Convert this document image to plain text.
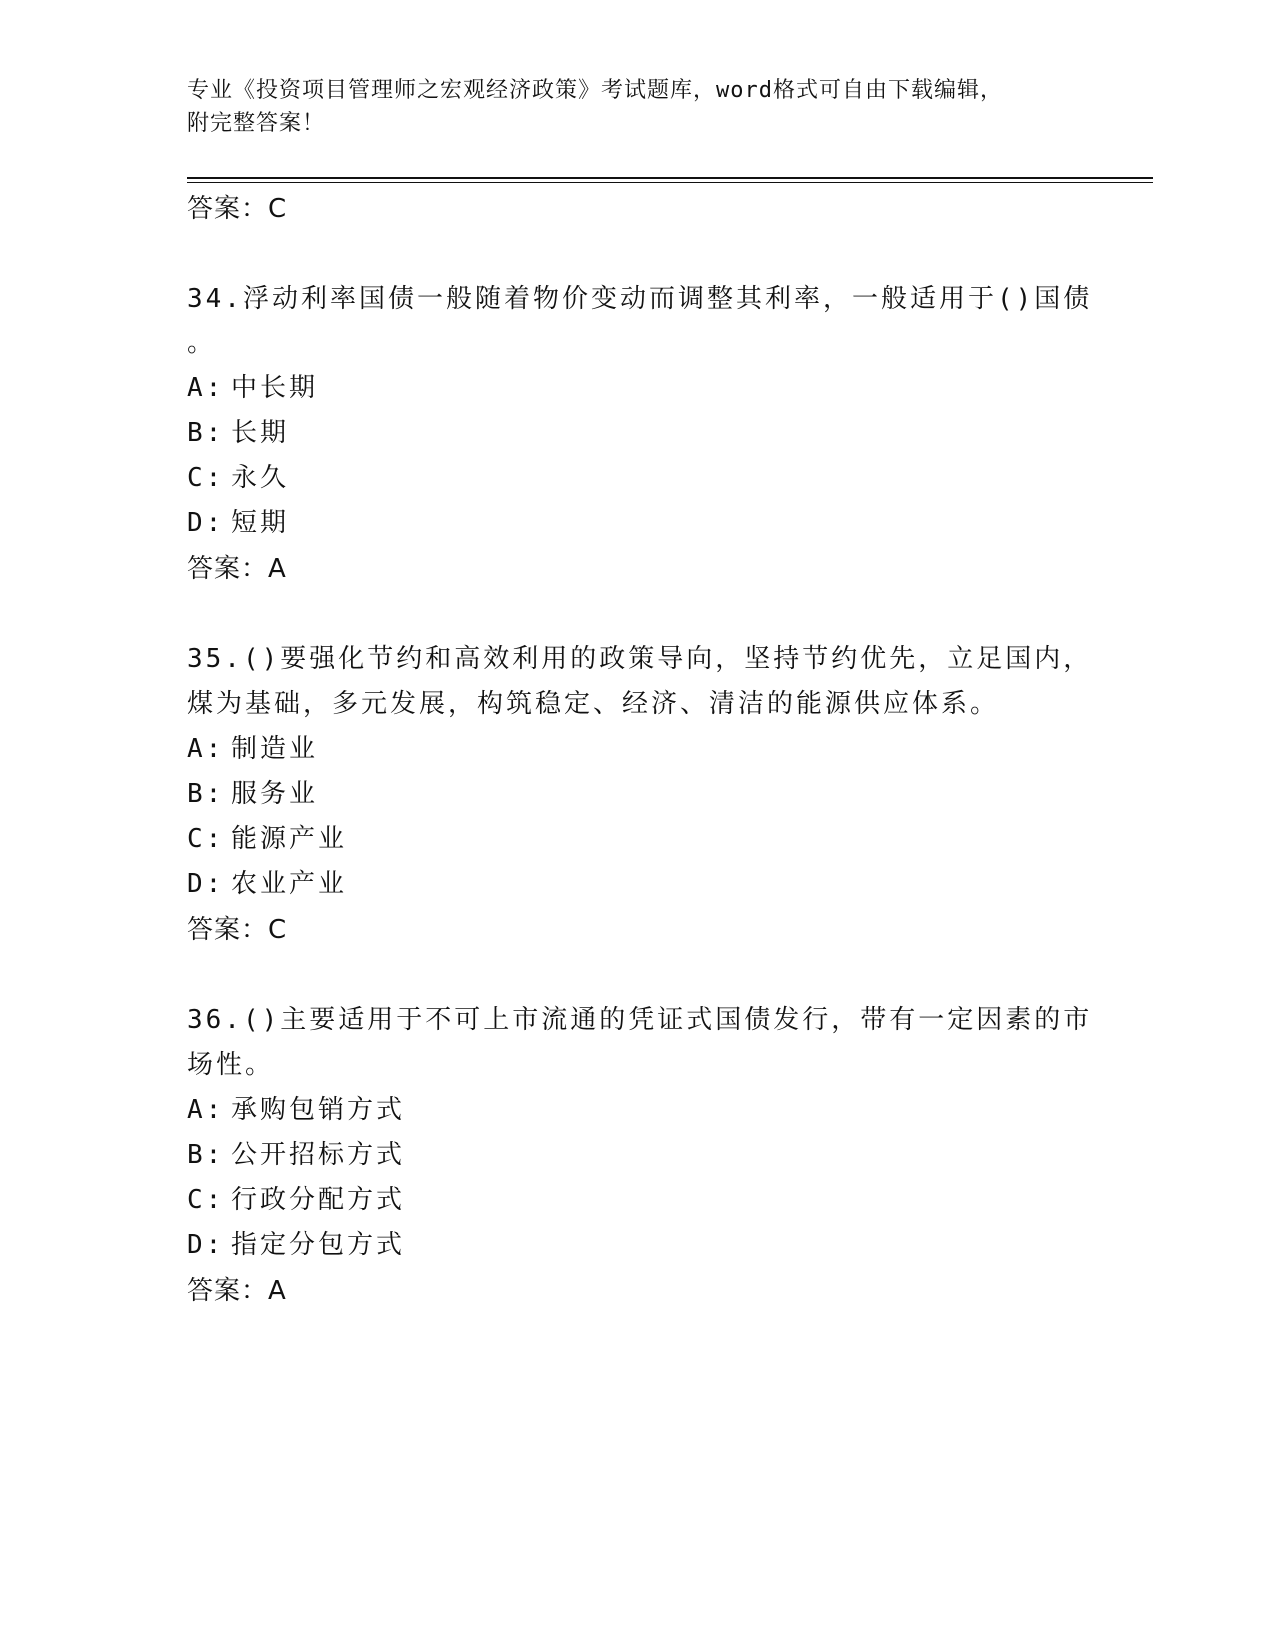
专业《投资项目管理师之宏观经济政策》考试题库，word格式可自由下载编辑，
附完整答案！
答案：C
34.浮动利率国债一般随着物价变动而调整其利率，一般适用于()国债
。
A: 中长期
B: 长期
C: 永久
D: 短期
答案：A
35.()要强化节约和高效利用的政策导向，坚持节约优先，立足国内，
煤为基础，多元发展，构筑稳定、经济、清洁的能源供应体系。
A: 制造业
B: 服务业
C: 能源产业
D: 农业产业
答案：C
36.()主要适用于不可上市流通的凭证式国债发行，带有一定因素的市
场性。
A: 承购包销方式
B: 公开招标方式
C: 行政分配方式
D: 指定分包方式
答案：A
